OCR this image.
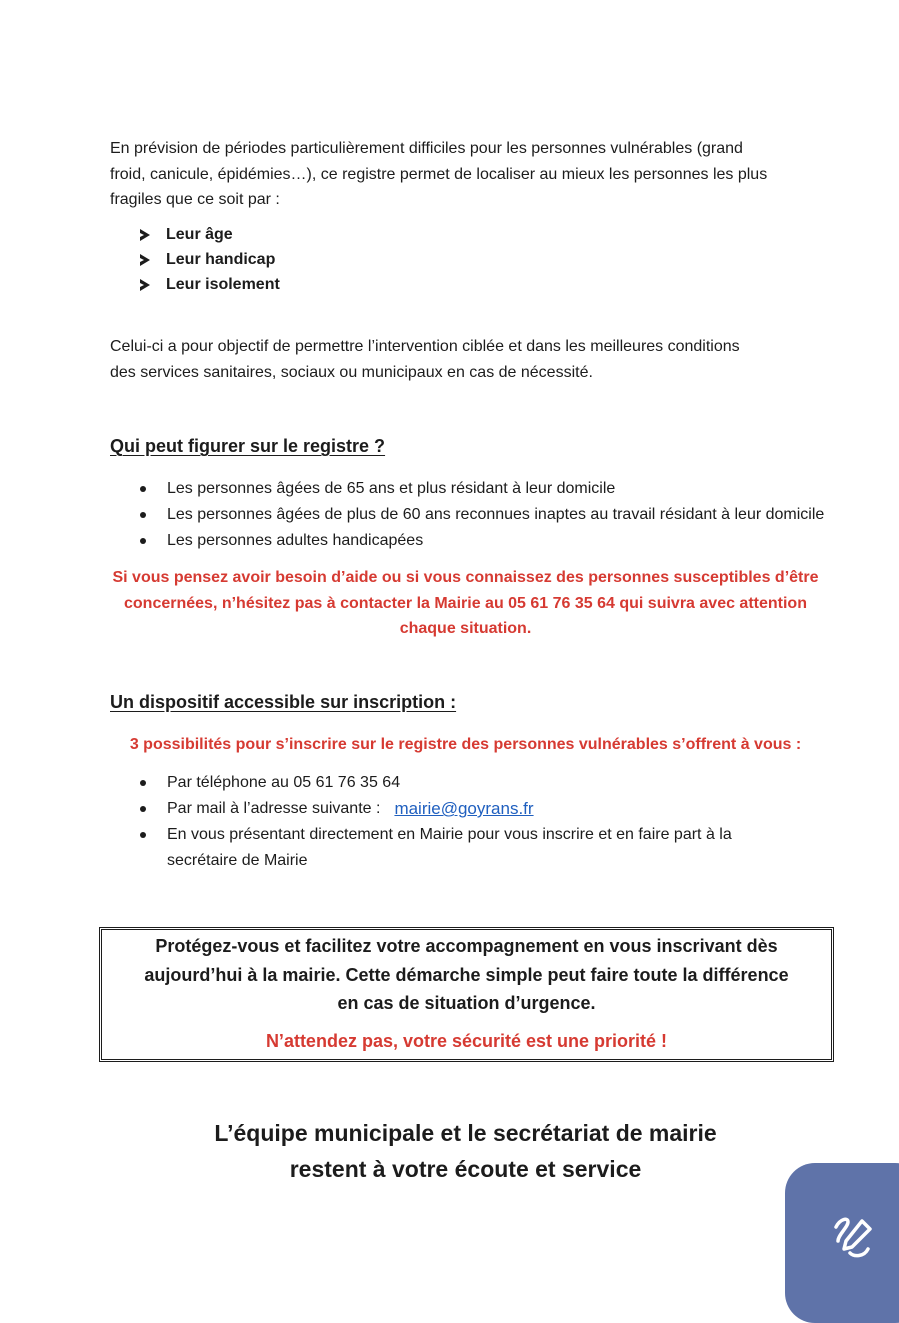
En prévision de périodes particulièrement difficiles pour les personnes vulnérables (grand
froid, canicule, épidémies…), ce registre permet de localiser au mieux les personnes les plus
fragiles que ce soit par :

Leur âge
Leur handicap
Leur isolement

Celui-ci a pour objectif de permettre l’intervention ciblée et dans les meilleures conditions
des services sanitaires, sociaux ou municipaux en cas de nécessité.

Qui peut figurer sur le registre ?
Les personnes âgées de 65 ans et plus résidant à leur domicile
Les personnes âgées de plus de 60 ans reconnues inaptes au travail résidant à leur domicile
Les personnes adultes handicapées

Si vous pensez avoir besoin d’aide ou si vous connaissez des personnes susceptibles d’être
concernées, n’hésitez pas à contacter la Mairie au 05 61 76 35 64 qui suivra avec attention
chaque situation.

Un dispositif accessible sur inscription :

3 possibilités pour s’inscrire sur le registre des personnes vulnérables s’offrent à vous :

Par téléphone au 05 61 76 35 64
Par mail à l’adresse suivante : mairie@goyrans.fr
En vous présentant directement en Mairie pour vous inscrire et en faire part à la
secrétaire de Mairie

Protégez-vous et facilitez votre accompagnement en vous inscrivant dès
aujourd’hui à la mairie. Cette démarche simple peut faire toute la différence
en cas de situation d’urgence.

N’attendez pas, votre sécurité est une priorité !

L’équipe municipale et le secrétariat de mairie
restent à votre écoute et service
